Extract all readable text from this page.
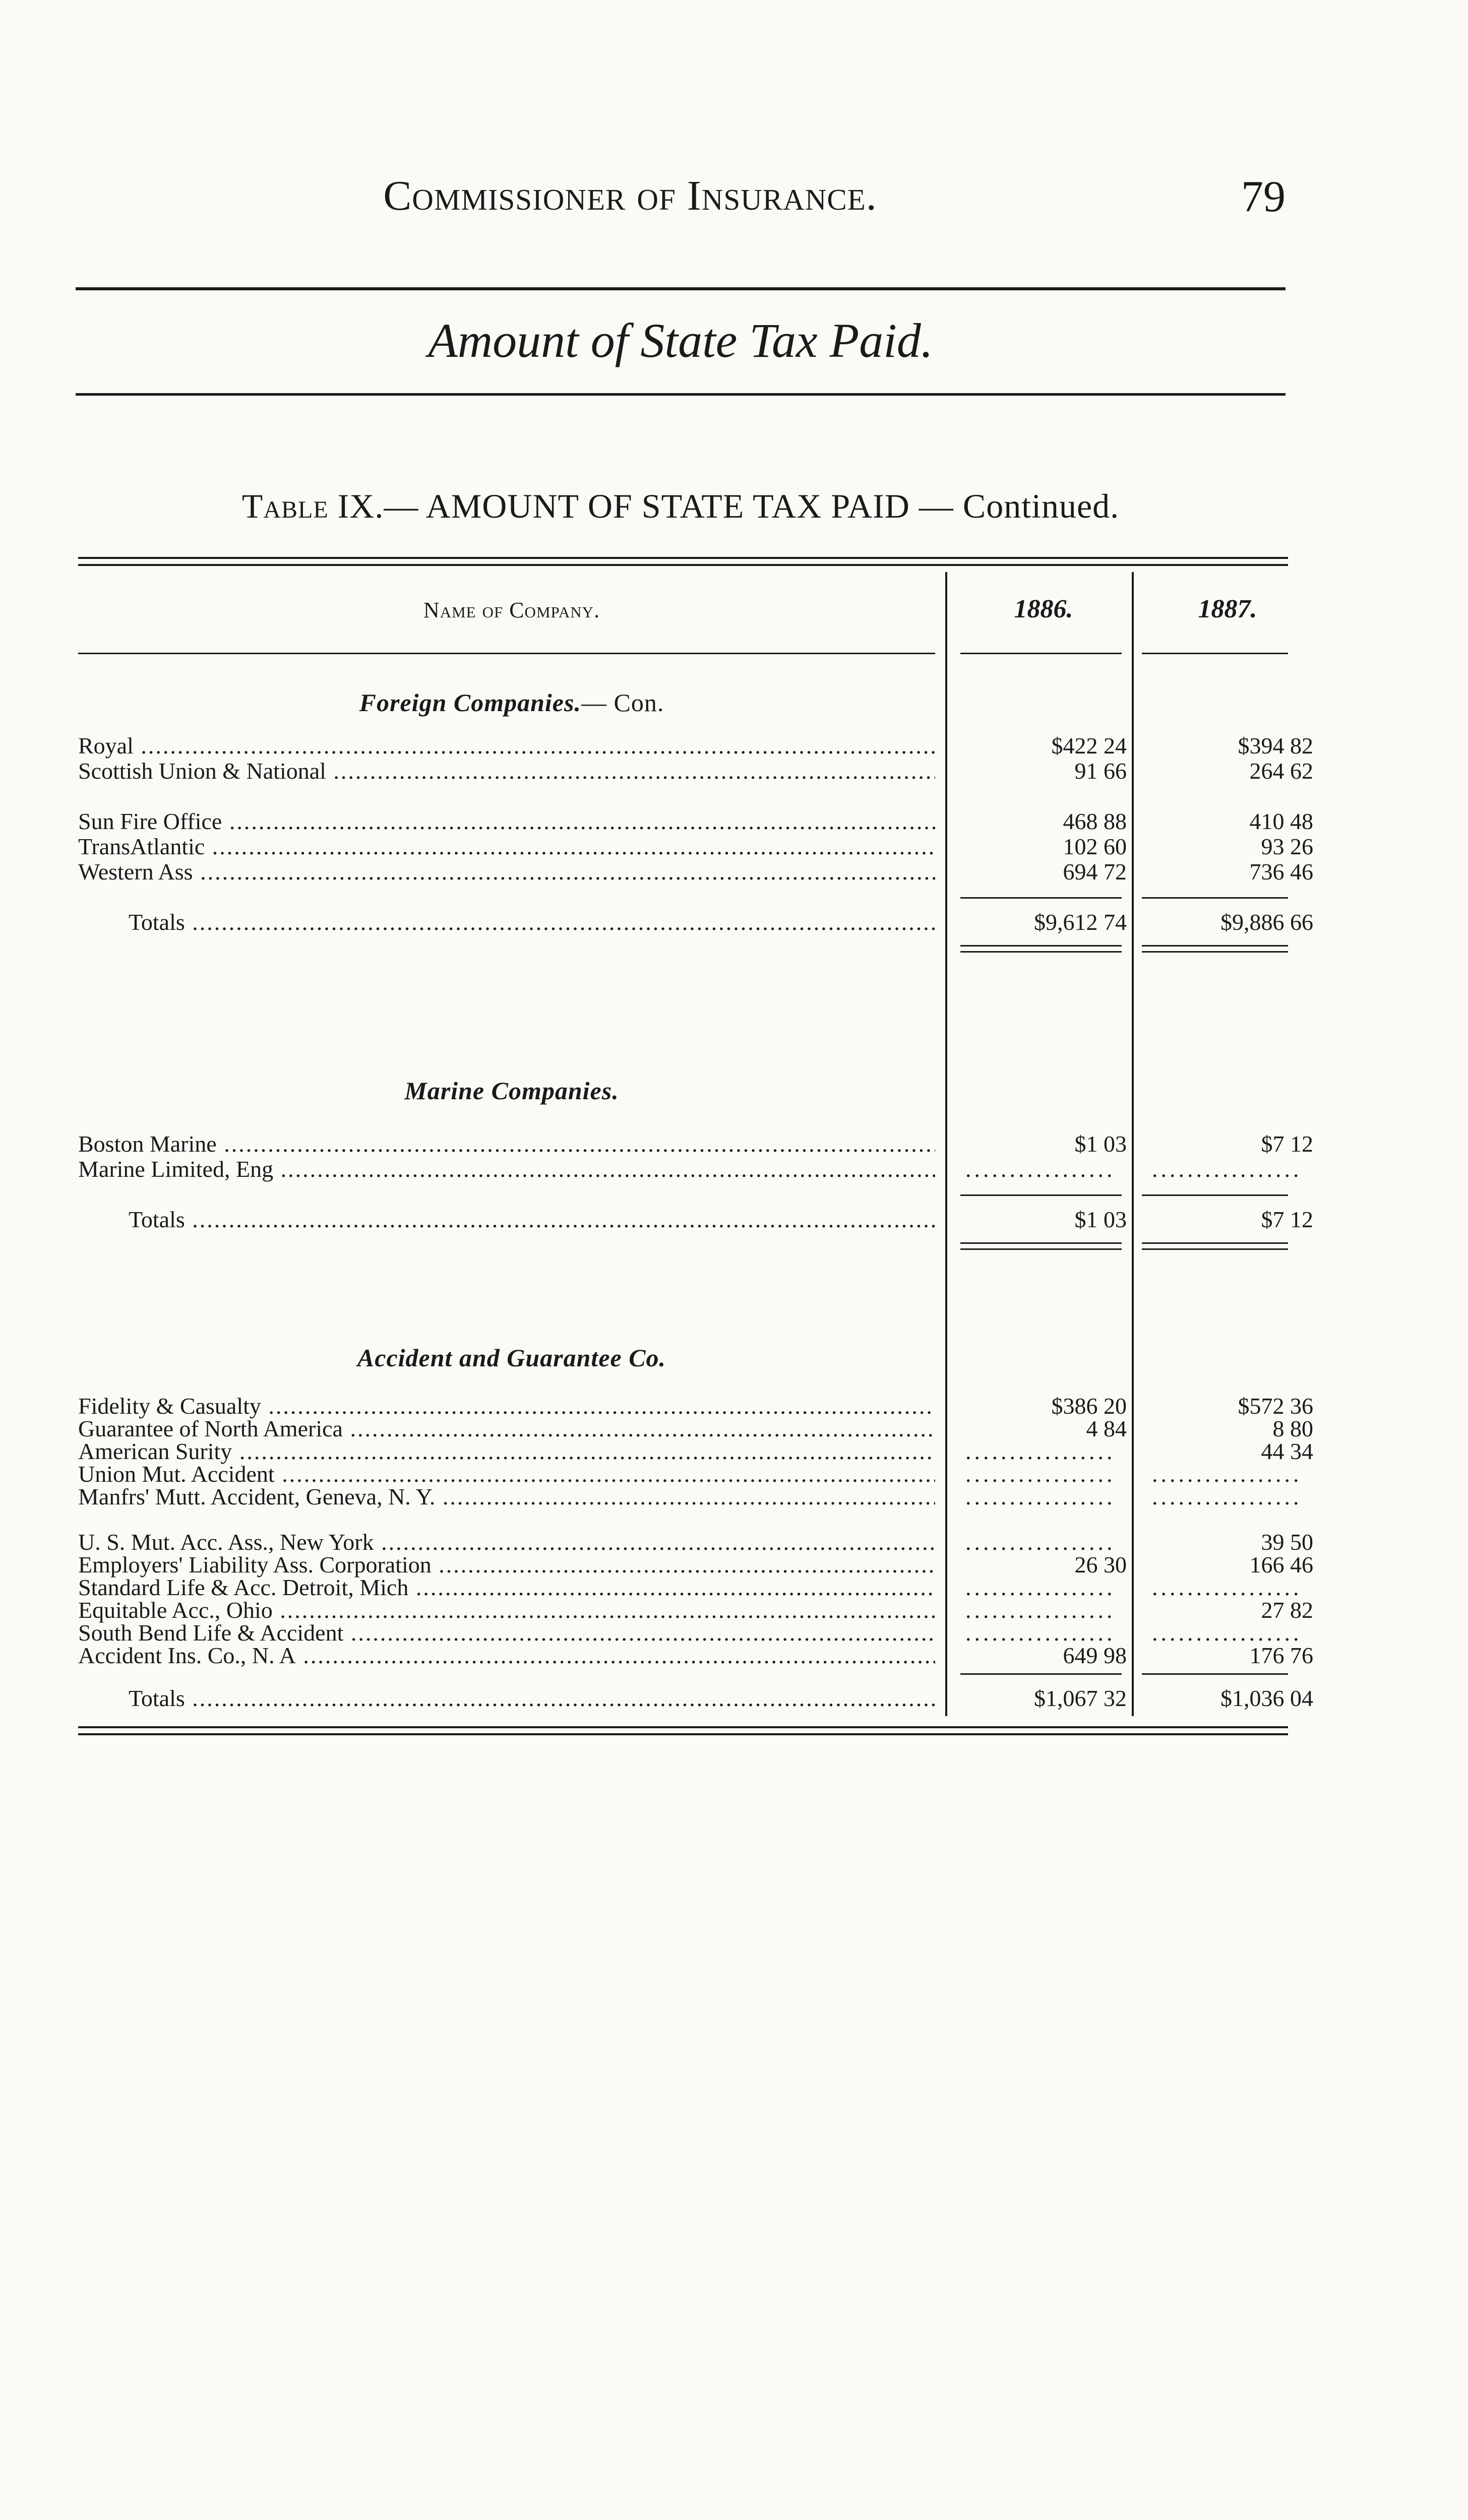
Commissioner of Insurance.	79
Amount of State Tax Paid.
Table IX.— AMOUNT OF STATE TAX PAID — Continued.
Name of Company.	1886.	1887.
Foreign Companies.— Con.
Royal .....	$422 24	$394 82
Scottish Union & National .....	91 66	264 62
Sun Fire Office .....	468 88	410 48
TransAtlantic .....	102 60	93 26
Western Ass .....	694 72	736 46
Totals .....	$9,612 74	$9,886 66
Marine Companies.
Boston Marine .....	$1 03	$7 12
Marine Limited, Eng .....	.................	.................
Totals .....	$1 03	$7 12
Accident and Guarantee Co.
Fidelity & Casualty .....	$386 20	$572 36
Guarantee of North America .....	4 84	8 80
American Surity .....	.................	44 34
Union Mut. Accident .....	.................	.................
Manfrs' Mutt. Accident, Geneva, N. Y. .....	.................	.................
U. S. Mut. Acc. Ass., New York .....	.................	39 50
Employers' Liability Ass. Corporation .....	26 30	166 46
Standard Life & Acc. Detroit, Mich .....	.................	.................
Equitable Acc., Ohio .....	.................	27 82
South Bend Life & Accident .....	.................	.................
Accident Ins. Co., N. A .....	649 98	176 76
Totals .....	$1,067 32	$1,036 04
